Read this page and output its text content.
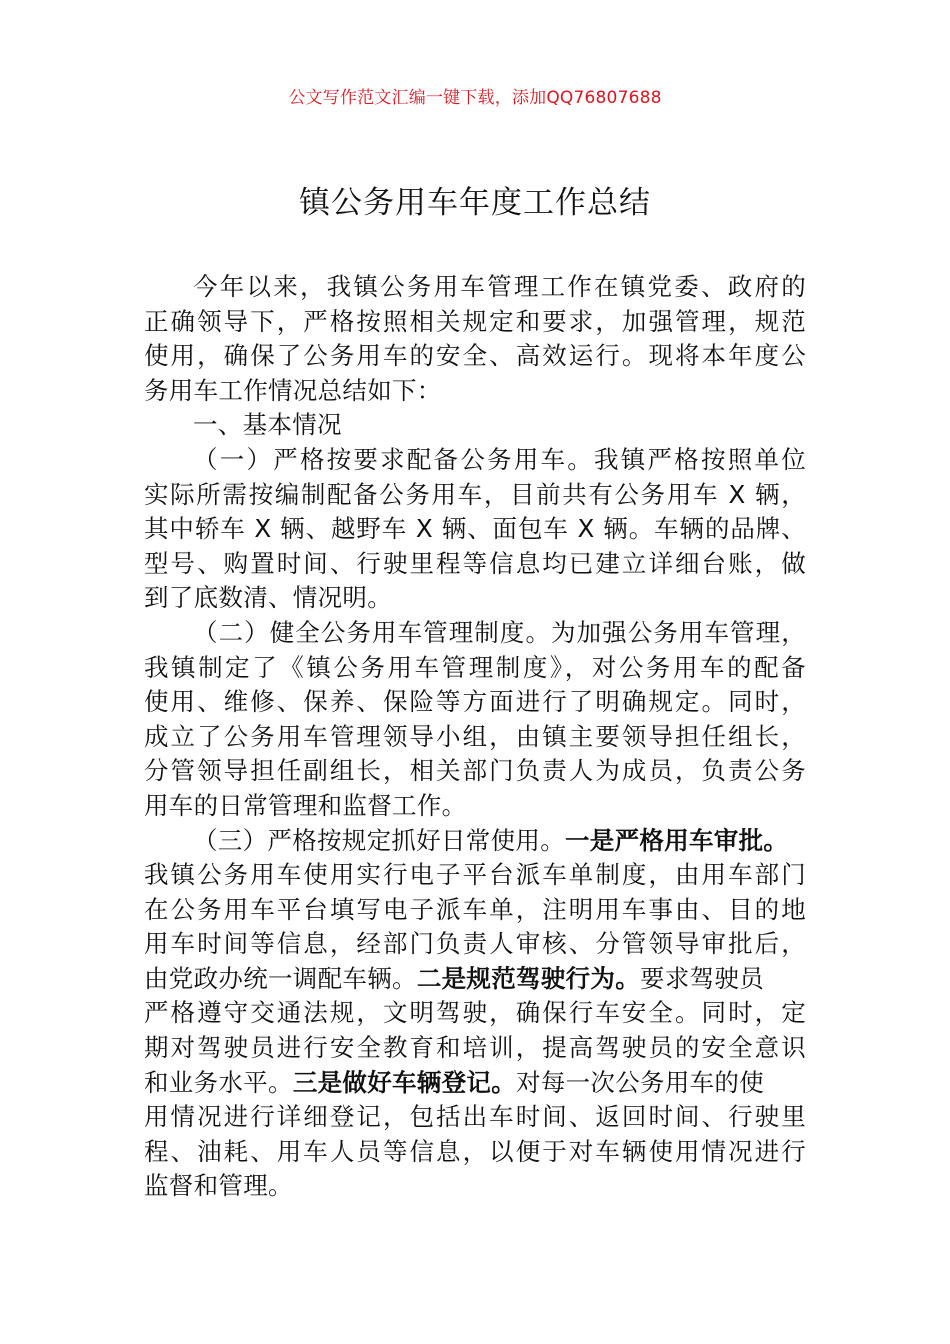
公文写作范文汇编一键下载，添加QQ76807688
镇公务用车年度工作总结
今年以来，我镇公务用车管理工作在镇党委、政府的
正确领导下，严格按照相关规定和要求，加强管理，规范
使用，确保了公务用车的安全、高效运行。现将本年度公
务用车工作情况总结如下：
一、基本情况
（一）严格按要求配备公务用车。我镇严格按照单位
实际所需按编制配备公务用车，目前共有公务用车 X 辆，
其中轿车 X 辆、越野车 X 辆、面包车 X 辆。车辆的品牌、
型号、购置时间、行驶里程等信息均已建立详细台账，做
到了底数清、情况明。
（二）健全公务用车管理制度。为加强公务用车管理，
我镇制定了《镇公务用车管理制度》，对公务用车的配备
使用、维修、保养、保险等方面进行了明确规定。同时，
成立了公务用车管理领导小组，由镇主要领导担任组长，
分管领导担任副组长，相关部门负责人为成员，负责公务
用车的日常管理和监督工作。
（三）严格按规定抓好日常使用。一是严格用车审批。
我镇公务用车使用实行电子平台派车单制度，由用车部门
在公务用车平台填写电子派车单，注明用车事由、目的地
用车时间等信息，经部门负责人审核、分管领导审批后，
由党政办统一调配车辆。二是规范驾驶行为。要求驾驶员
严格遵守交通法规，文明驾驶，确保行车安全。同时，定
期对驾驶员进行安全教育和培训，提高驾驶员的安全意识
和业务水平。三是做好车辆登记。对每一次公务用车的使
用情况进行详细登记，包括出车时间、返回时间、行驶里
程、油耗、用车人员等信息，以便于对车辆使用情况进行
监督和管理。
